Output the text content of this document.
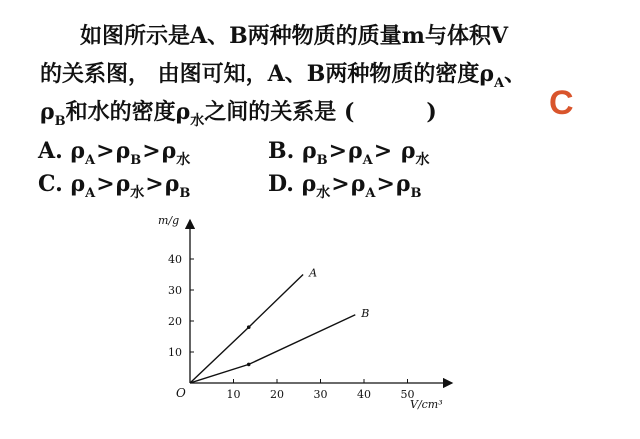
如图所示是A、B两种物质的质量m与体积V
的关系图， 由图可知，A、B两种物质的密度$\rho_A$、
$\rho_B$和水的密度$\rho_水$之间的关系是 (	)	C
A. $\rho_A>\rho_B>\rho_水$	B. $\rho_B>\rho_A> \rho_水$
C. $\rho_A>\rho_水>\rho_B$	D. $\rho_水>\rho_A>\rho_B$
10
20
30
40
10	20	30	40	50
A
B
m/g
V/cm³
O
